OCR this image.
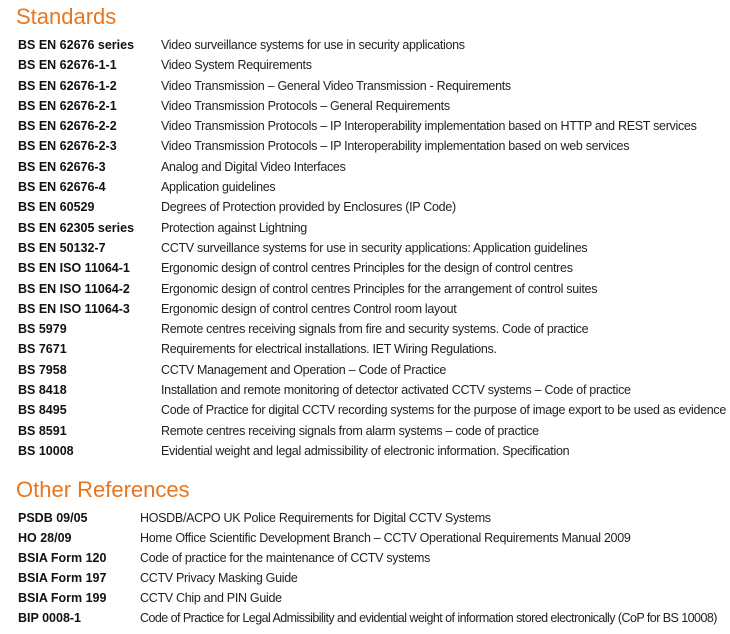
Standards
BS EN 62676 series	Video surveillance systems for use in security applications
BS EN 62676-1-1	Video System Requirements
BS EN 62676-1-2	Video Transmission – General Video Transmission - Requirements
BS EN 62676-2-1	Video Transmission Protocols – General Requirements
BS EN 62676-2-2	Video Transmission Protocols – IP Interoperability implementation based on HTTP and REST services
BS EN 62676-2-3	Video Transmission Protocols – IP Interoperability implementation based on web services
BS EN 62676-3	Analog and Digital Video Interfaces
BS EN 62676-4	Application guidelines
BS EN 60529	Degrees of Protection provided by Enclosures (IP Code)
BS EN 62305 series	Protection against Lightning
BS EN 50132-7	CCTV surveillance systems for use in security applications: Application guidelines
BS EN ISO 11064-1	Ergonomic design of control centres Principles for the design of control centres
BS EN ISO 11064-2	Ergonomic design of control centres Principles for the arrangement of control suites
BS EN ISO 11064-3	Ergonomic design of control centres Control room layout
BS 5979	Remote centres receiving signals from fire and security systems. Code of practice
BS 7671	Requirements for electrical installations. IET Wiring Regulations.
BS 7958	CCTV Management and Operation – Code of Practice
BS 8418	Installation and remote monitoring of detector activated CCTV systems – Code of practice
BS 8495	Code of Practice for digital CCTV recording systems for the purpose of image export to be used as evidence
BS 8591	Remote centres receiving signals from alarm systems – code of practice
BS 10008	Evidential weight and legal admissibility of electronic information. Specification
Other References
PSDB 09/05	HOSDB/ACPO UK Police Requirements for Digital CCTV Systems
HO 28/09	Home Office Scientific Development Branch – CCTV Operational Requirements Manual 2009
BSIA Form 120	Code of practice for the maintenance of CCTV systems
BSIA Form 197	CCTV Privacy Masking Guide
BSIA Form 199	CCTV Chip and PIN Guide
BIP 0008-1	Code of Practice for Legal Admissibility and evidential weight of information stored electronically (CoP for BS 10008)
